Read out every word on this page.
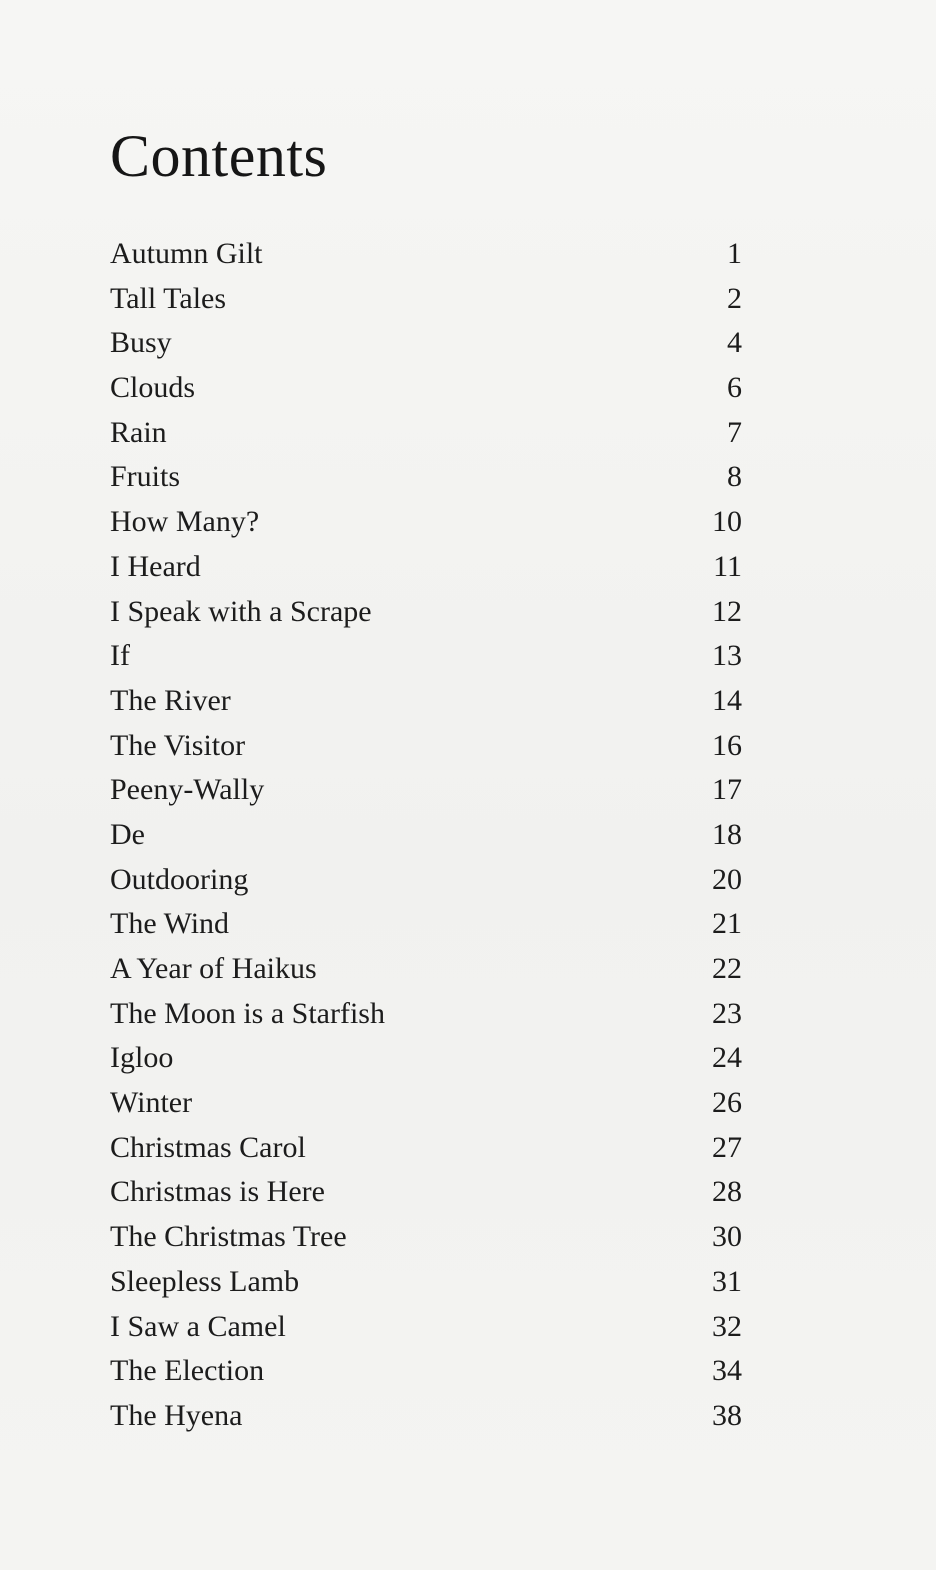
Contents
Autumn Gilt	1
Tall Tales	2
Busy	4
Clouds	6
Rain	7
Fruits	8
How Many?	10
I Heard	11
I Speak with a Scrape	12
If	13
The River	14
The Visitor	16
Peeny-Wally	17
De	18
Outdooring	20
The Wind	21
A Year of Haikus	22
The Moon is a Starfish	23
Igloo	24
Winter	26
Christmas Carol	27
Christmas is Here	28
The Christmas Tree	30
Sleepless Lamb	31
I Saw a Camel	32
The Election	34
The Hyena	38
